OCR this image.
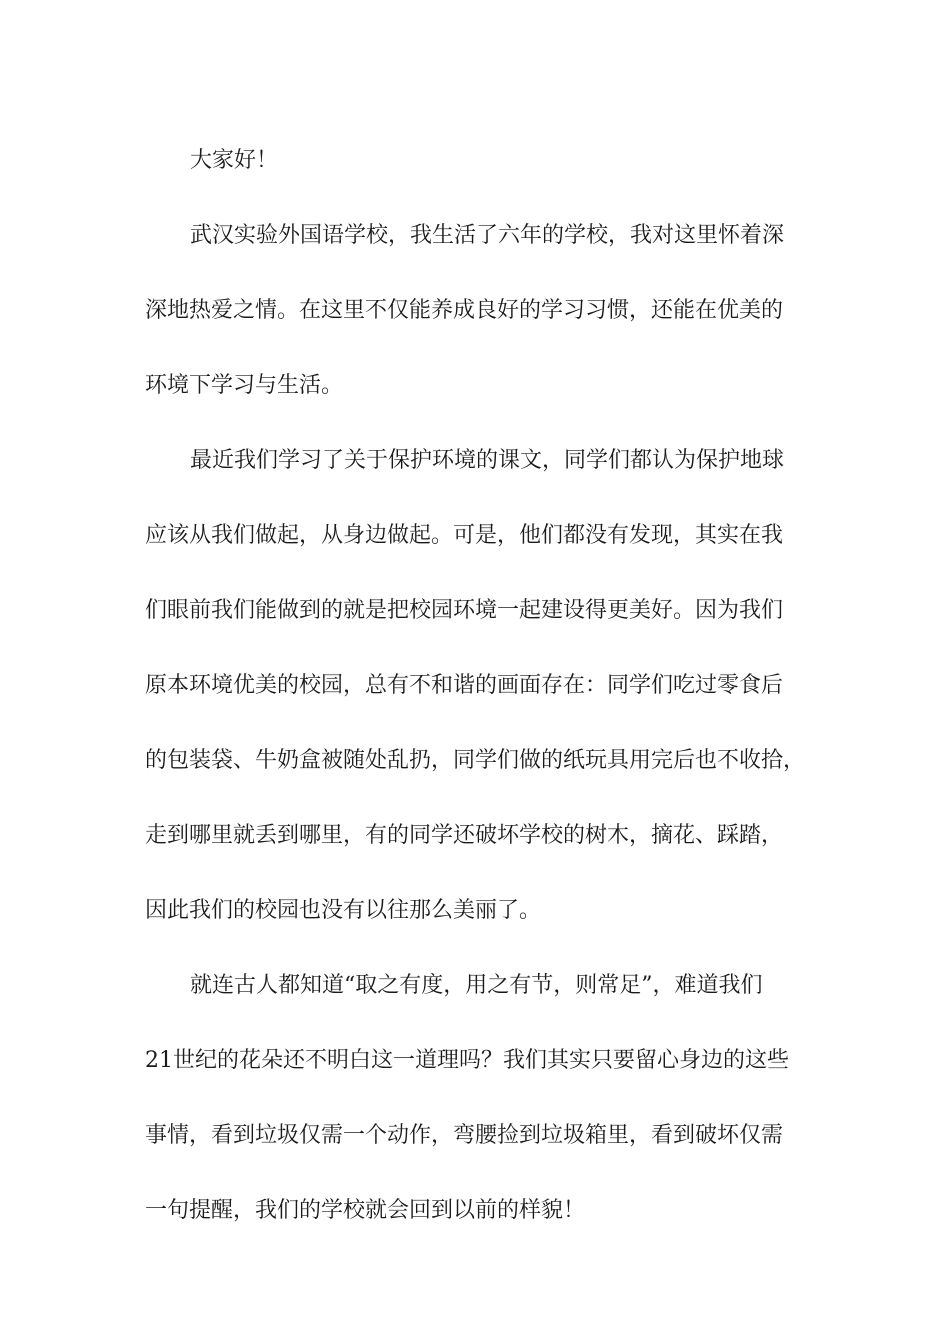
大家好！

武汉实验外国语学校，我生活了六年的学校，我对这里怀着深
深地热爱之情。在这里不仅能养成良好的学习习惯，还能在优美的
环境下学习与生活。

最近我们学习了关于保护环境的课文，同学们都认为保护地球
应该从我们做起，从身边做起。可是，他们都没有发现，其实在我
们眼前我们能做到的就是把校园环境一起建设得更美好。因为我们
原本环境优美的校园，总有不和谐的画面存在：同学们吃过零食后
的包装袋、牛奶盒被随处乱扔，同学们做的纸玩具用完后也不收拾，
走到哪里就丢到哪里，有的同学还破坏学校的树木，摘花、踩踏，
因此我们的校园也没有以往那么美丽了。

就连古人都知道“取之有度，用之有节，则常足”，难道我们
21世纪的花朵还不明白这一道理吗？我们其实只要留心身边的这些
事情，看到垃圾仅需一个动作，弯腰捡到垃圾箱里，看到破坏仅需
一句提醒，我们的学校就会回到以前的样貌！
